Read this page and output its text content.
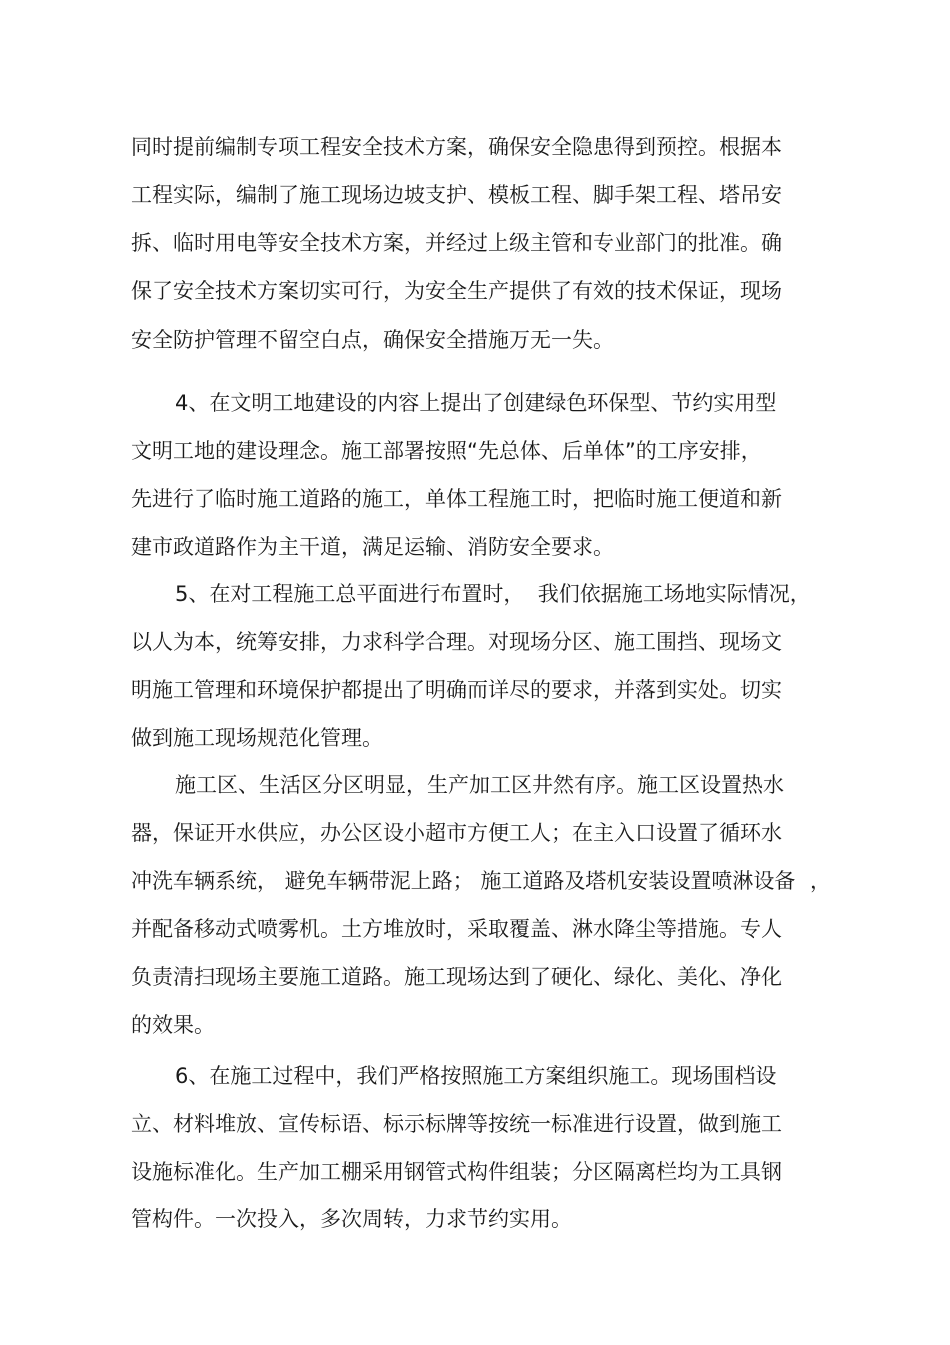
同时提前编制专项工程安全技术方案，确保安全隐患得到预控。根据本
工程实际，编制了施工现场边坡支护、模板工程、脚手架工程、塔吊安
拆、临时用电等安全技术方案，并经过上级主管和专业部门的批准。确
保了安全技术方案切实可行，为安全生产提供了有效的技术保证，现场
安全防护管理不留空白点，确保安全措施万无一失。
4、在文明工地建设的内容上提出了创建绿色环保型、节约实用型
文明工地的建设理念。施工部署按照“先总体、后单体”的工序安排，
先进行了临时施工道路的施工，单体工程施工时，把临时施工便道和新
建市政道路作为主干道，满足运输、消防安全要求。
5、在对工程施工总平面进行布置时，  我们依据施工场地实际情况，
以人为本，统筹安排，力求科学合理。对现场分区、施工围挡、现场文
明施工管理和环境保护都提出了明确而详尽的要求，并落到实处。切实
做到施工现场规范化管理。
施工区、生活区分区明显，生产加工区井然有序。施工区设置热水
器，保证开水供应，办公区设小超市方便工人；在主入口设置了循环水
冲洗车辆系统， 避免车辆带泥上路； 施工道路及塔机安装设置喷淋设备 ，
并配备移动式喷雾机。土方堆放时，采取覆盖、淋水降尘等措施。专人
负责清扫现场主要施工道路。施工现场达到了硬化、绿化、美化、净化
的效果。
6、在施工过程中，我们严格按照施工方案组织施工。现场围档设
立、材料堆放、宣传标语、标示标牌等按统一标准进行设置，做到施工
设施标准化。生产加工棚采用钢管式构件组装；分区隔离栏均为工具钢
管构件。一次投入，多次周转，力求节约实用。
